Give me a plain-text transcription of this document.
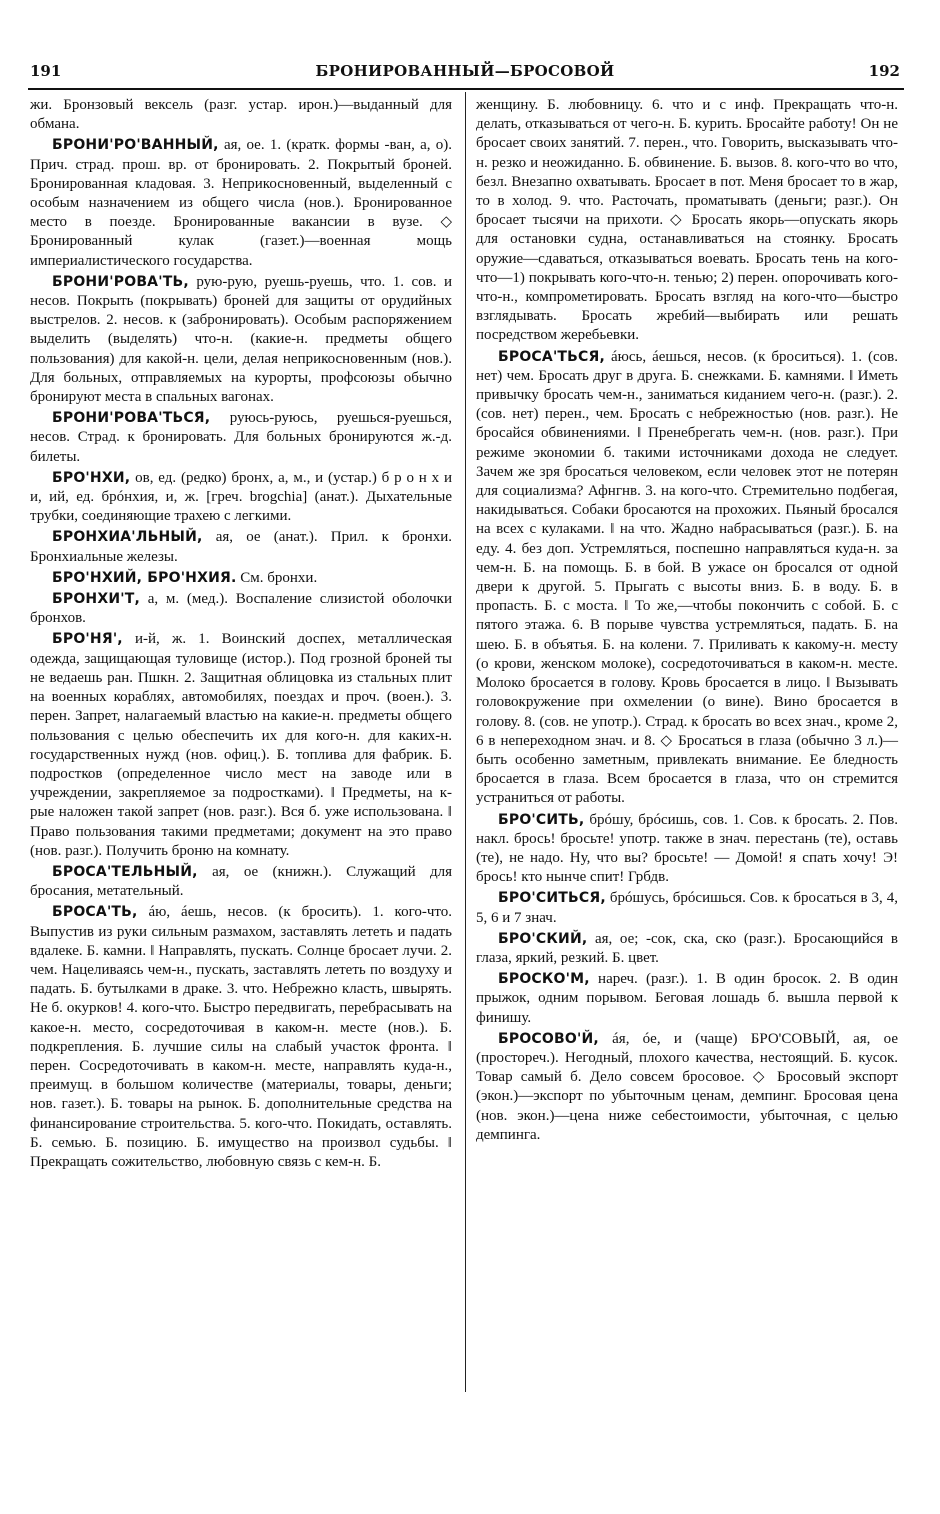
191	БРОНИРОВАННЫЙ—БРОСОВОЙ	192

жи. Бронзовый вексель (разг. устар. ирон.)—выданный для обмана.

БРОНИ'РО'ВАННЫЙ, ая, ое. 1. (кратк. формы -ван, а, о). Прич. страд. прош. вр. от бронировать. 2. Покрытый броней. Бронированная кладовая. 3. Неприкосновенный, выделенный с особым назначением из общего числа (нов.). Бронированное место в поезде. Бронированные вакансии в вузе. ◇ Бронированный кулак (газет.)—военная мощь империалистического государства.

БРОНИ'РОВА'ТЬ, рую-рую, руешь-руешь, что. 1. сов. и несов. Покрыть (покрывать) броней для защиты от орудийных выстрелов. 2. несов. к (забронировать). Особым распоряжением выделить (выделять) что-н. (какие-н. предметы общего пользования) для какой-н. цели, делая неприкосновенным (нов.). Для больных, отправляемых на курорты, профсоюзы обычно бронируют места в спальных вагонах.

БРОНИ'РОВА'ТЬСЯ, руюсь-руюсь, руешься-руешься, несов. Страд. к бронировать. Для больных бронируются ж.-д. билеты.

БРО'НХИ, ов, ед. (редко) бронх, а, м., и (устар.) б р о н х и и, ий, ед. брóнхия, и, ж. [греч. brogchia] (анат.). Дыхательные трубки, соединяющие трахею с легкими.

БРОНХИА'ЛЬНЫЙ, ая, ое (анат.). Прил. к бронхи. Бронхиальные железы.

БРО'НХИЙ, БРО'НХИЯ. См. бронхи.

БРОНХИ'Т, а, м. (мед.). Воспаление слизистой оболочки бронхов.

БРО'НЯ', и-й, ж. 1. Воинский доспех, металлическая одежда, защищающая туловище (истор.). Под грозной броней ты не ведаешь ран. Пшкн. 2. Защитная облицовка из стальных плит на военных кораблях, автомобилях, поездах и проч. (воен.). 3. перен. Запрет, налагаемый властью на какие-н. предметы общего пользования с целью обеспечить их для кого-н. для каких-н. государственных нужд (нов. офиц.). Б. топлива для фабрик. Б. подростков (определенное число мест на заводе или в учреждении, закрепляемое за подростками). ‖ Предметы, на к-рые наложен такой запрет (нов. разг.). Вся б. уже использована. ‖ Право пользования такими предметами; документ на это право (нов. разг.). Получить броню на комнату.

БРОСА'ТЕЛЬНЫЙ, ая, ое (книжн.). Служащий для бросания, метательный.

БРОСА'ТЬ, áю, áешь, несов. (к бросить). 1. кого-что. Выпустив из руки сильным размахом, заставлять лететь и падать вдалеке. Б. камни. ‖ Направлять, пускать. Солнце бросает лучи. 2. чем. Нацеливаясь чем-н., пускать, заставлять лететь по воздуху и падать. Б. бутылками в драке. 3. что. Небрежно класть, швырять. Не б. окурков! 4. кого-что. Быстро передвигать, перебрасывать на какое-н. место, сосредоточивая в каком-н. месте (нов.). Б. подкрепления. Б. лучшие силы на слабый участок фронта. ‖ перен. Сосредоточивать в каком-н. месте, направлять куда-н., преимущ. в большом количестве (материалы, товары, деньги; нов. газет.). Б. товары на рынок. Б. дополнительные средства на финансирование строительства. 5. кого-что. Покидать, оставлять. Б. семью. Б. позицию. Б. имущество на произвол судьбы. ‖ Прекращать сожительство, любовную связь с кем-н. Б.

женщину. Б. любовницу. 6. что и с инф. Прекращать что-н. делать, отказываться от чего-н. Б. курить. Бросайте работу! Он не бросает своих занятий. 7. перен., что. Говорить, высказывать что-н. резко и неожиданно. Б. обвинение. Б. вызов. 8. кого-что во что, безл. Внезапно охватывать. Бросает в пот. Меня бросает то в жар, то в холод. 9. что. Расточать, проматывать (деньги; разг.). Он бросает тысячи на прихоти. ◇ Бросать якорь—опускать якорь для остановки судна, останавливаться на стоянку. Бросать оружие—сдаваться, отказываться воевать. Бросать тень на кого-что—1) покрывать кого-что-н. тенью; 2) перен. опорочивать кого-что-н., компрометировать. Бросать взгляд на кого-что—быстро взглядывать. Бросать жребий—выбирать или решать посредством жеребьевки.

БРОСА'ТЬСЯ, áюсь, áешься, несов. (к броситься). 1. (сов. нет) чем. Бросать друг в друга. Б. снежками. Б. камнями. ‖ Иметь привычку бросать чем-н., заниматься киданием чего-н. (разг.). 2. (сов. нет) перен., чем. Бросать с небрежностью (нов. разг.). Не бросайся обвинениями. ‖ Пренебрегать чем-н. (нов. разг.). При режиме экономии б. такими источниками дохода не следует. Зачем же зря бросаться человеком, если человек этот не потерян для социализма? Афнгнв. 3. на кого-что. Стремительно подбегая, накидываться. Собаки бросаются на прохожих. Пьяный бросался на всех с кулаками. ‖ на что. Жадно набрасываться (разг.). Б. на еду. 4. без доп. Устремляться, поспешно направляться куда-н. за чем-н. Б. на помощь. Б. в бой. В ужасе он бросался от одной двери к другой. 5. Прыгать с высоты вниз. Б. в воду. Б. в пропасть. Б. с моста. ‖ То же,—чтобы покончить с собой. Б. с пятого этажа. 6. В порыве чувства устремляться, падать. Б. на шею. Б. в объятья. Б. на колени. 7. Приливать к какому-н. месту (о крови, женском молоке), сосредоточиваться в каком-н. месте. Молоко бросается в голову. Кровь бросается в лицо. ‖ Вызывать головокружение при охмелении (о вине). Вино бросается в голову. 8. (сов. не употр.). Страд. к бросать во всех знач., кроме 2, 6 в непереходном знач. и 8. ◇ Бросаться в глаза (обычно 3 л.)—быть особенно заметным, привлекать внимание. Ее бледность бросается в глаза. Всем бросается в глаза, что он стремится устраниться от работы.

БРО'СИТЬ, брóшу, брóсишь, сов. 1. Сов. к бросать. 2. Пов. накл. брось! бросьте! употр. также в знач. перестань (те), оставь (те), не надо. Ну, что вы? бросьте! — Домой! я спать хочу! Э! брось! кто нынче спит! Грбдв.

БРО'СИТЬСЯ, брóшусь, брóсишься. Сов. к бросаться в 3, 4, 5, 6 и 7 знач.

БРО'СКИЙ, ая, ое; -сок, ска, ско (разг.). Бросающийся в глаза, яркий, резкий. Б. цвет.

БРОСКО'М, нареч. (разг.). 1. В один бросок. 2. В один прыжок, одним порывом. Беговая лошадь б. вышла первой к финишу.

БРОСОВО'Й, áя, óе, и (чаще) БРО'СОВЫЙ, ая, ое (простореч.). Негодный, плохого качества, нестоящий. Б. кусок. Товар самый б. Дело совсем бросовое. ◇ Бросовый экспорт (экон.)—экспорт по убыточным ценам, демпинг. Бросовая цена (нов. экон.)—цена ниже себестоимости, убыточная, с целью демпинга.
